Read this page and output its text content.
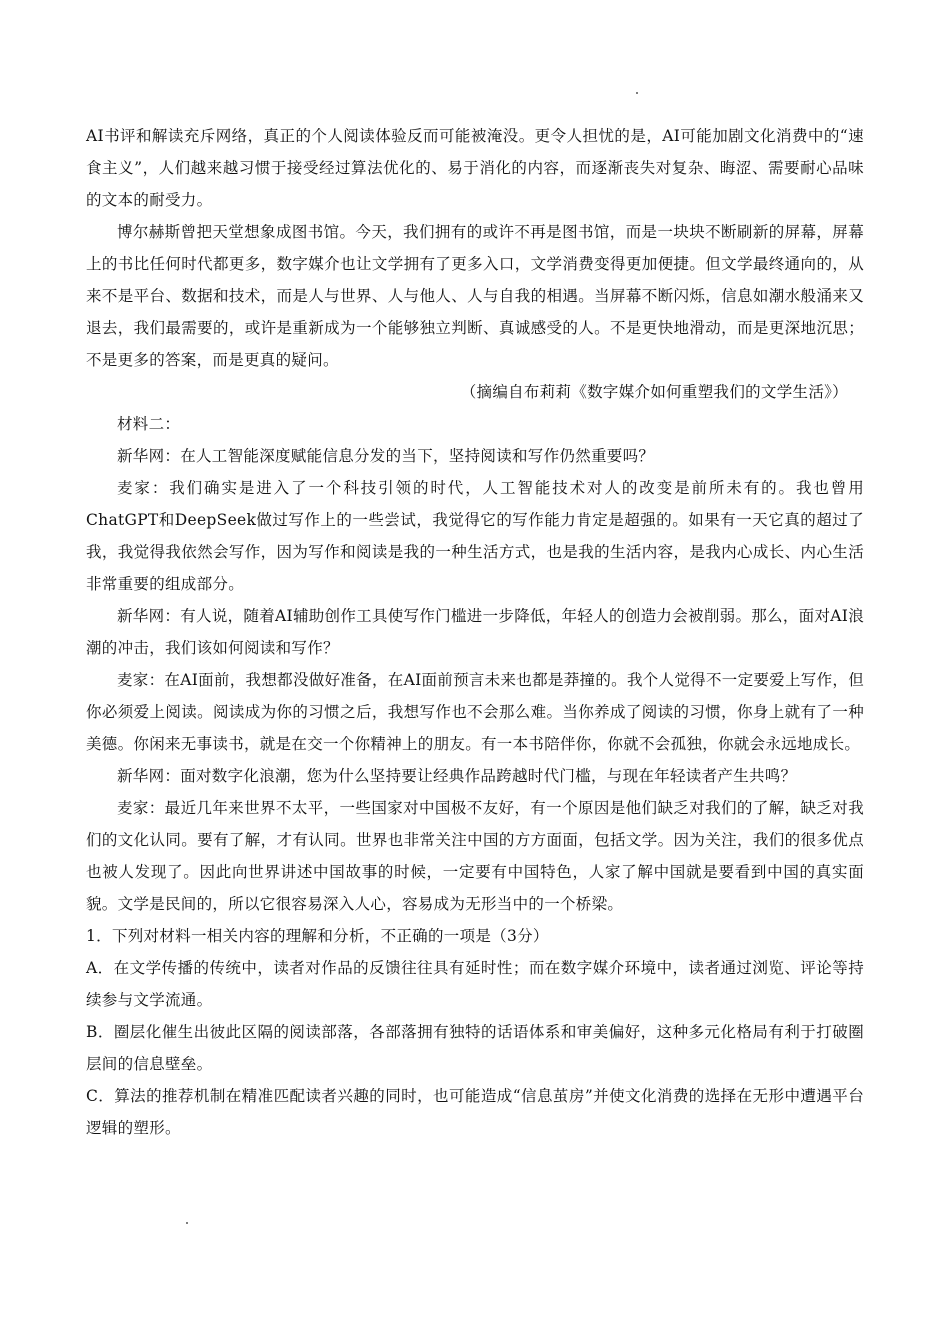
AI书评和解读充斥网络，真正的个人阅读体验反而可能被淹没。更令人担忧的是，AI可能加剧文化消费中的“速食主义”，人们越来越习惯于接受经过算法优化的、易于消化的内容，而逐渐丧失对复杂、晦涩、需要耐心品味的文本的耐受力。

博尔赫斯曾把天堂想象成图书馆。今天，我们拥有的或许不再是图书馆，而是一块块不断刷新的屏幕，屏幕上的书比任何时代都更多，数字媒介也让文学拥有了更多入口，文学消费变得更加便捷。但文学最终通向的，从来不是平台、数据和技术，而是人与世界、人与他人、人与自我的相遇。当屏幕不断闪烁，信息如潮水般涌来又退去，我们最需要的，或许是重新成为一个能够独立判断、真诚感受的人。不是更快地滑动，而是更深地沉思；不是更多的答案，而是更真的疑问。

（摘编自布莉莉《数字媒介如何重塑我们的文学生活》）

材料二：

新华网：在人工智能深度赋能信息分发的当下，坚持阅读和写作仍然重要吗？

麦家：我们确实是进入了一个科技引领的时代，人工智能技术对人的改变是前所未有的。我也曾用ChatGPT和DeepSeek做过写作上的一些尝试，我觉得它的写作能力肯定是超强的。如果有一天它真的超过了我，我觉得我依然会写作，因为写作和阅读是我的一种生活方式，也是我的生活内容，是我内心成长、内心生活非常重要的组成部分。

新华网：有人说，随着AI辅助创作工具使写作门槛进一步降低，年轻人的创造力会被削弱。那么，面对AI浪潮的冲击，我们该如何阅读和写作？

麦家：在AI面前，我想都没做好准备，在AI面前预言未来也都是莽撞的。我个人觉得不一定要爱上写作，但你必须爱上阅读。阅读成为你的习惯之后，我想写作也不会那么难。当你养成了阅读的习惯，你身上就有了一种美德。你闲来无事读书，就是在交一个你精神上的朋友。有一本书陪伴你，你就不会孤独，你就会永远地成长。

新华网：面对数字化浪潮，您为什么坚持要让经典作品跨越时代门槛，与现在年轻读者产生共鸣？

麦家：最近几年来世界不太平，一些国家对中国极不友好，有一个原因是他们缺乏对我们的了解，缺乏对我们的文化认同。要有了解，才有认同。世界也非常关注中国的方方面面，包括文学。因为关注，我们的很多优点也被人发现了。因此向世界讲述中国故事的时候，一定要有中国特色，人家了解中国就是要看到中国的真实面貌。文学是民间的，所以它很容易深入人心，容易成为无形当中的一个桥梁。

1．下列对材料一相关内容的理解和分析，不正确的一项是（3分）

A．在文学传播的传统中，读者对作品的反馈往往具有延时性；而在数字媒介环境中，读者通过浏览、评论等持续参与文学流通。

B．圈层化催生出彼此区隔的阅读部落，各部落拥有独特的话语体系和审美偏好，这种多元化格局有利于打破圈层间的信息壁垒。

C．算法的推荐机制在精准匹配读者兴趣的同时，也可能造成“信息茧房”并使文化消费的选择在无形中遭遇平台逻辑的塑形。
